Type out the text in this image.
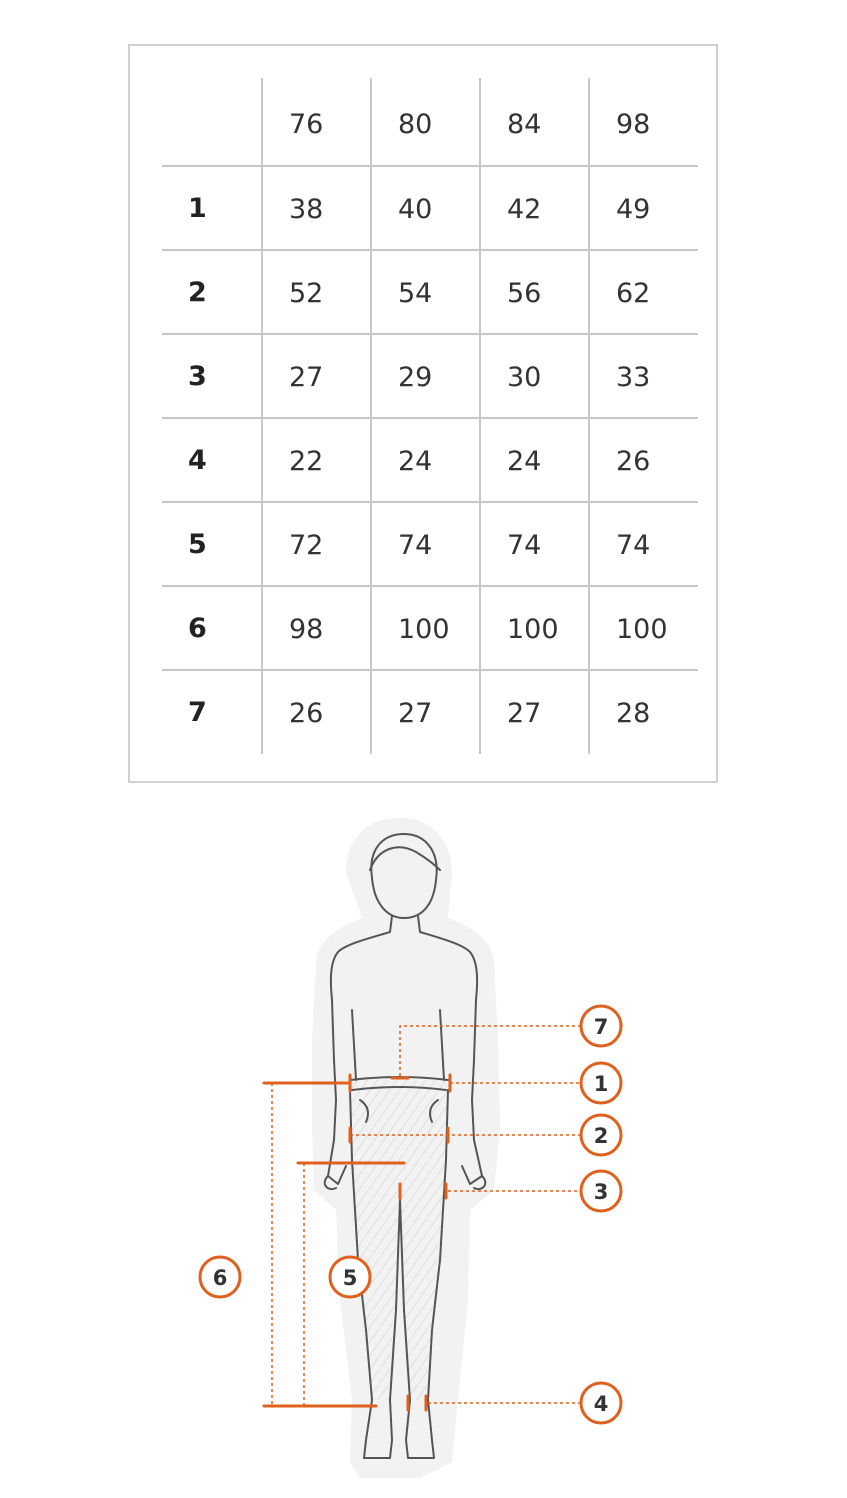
	76	80	84	98
1	38	40	42	49
2	52	54	56	62
3	27	29	30	33
4	22	24	24	26
5	72	74	74	74
6	98	100	100	100
7	26	27	27	28
7
1
2
3
4
5
6
